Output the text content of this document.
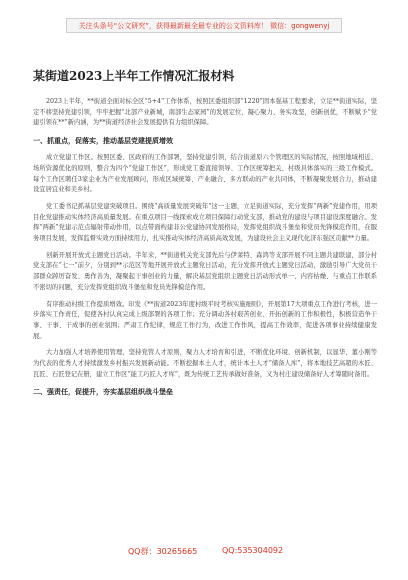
关注头条号“公文研究”，获得最新最全最专业的公文资料库！ 微信：gongwenyj
某街道2023上半年工作情况汇报材料

2023上半年，**街道全面对标全区“5+4”工作体系，按照区委组织部“1220”固本强基工程要求，立足**街道实际，坚定不移坚持党建引领，牢牢把握“北部产业新城，南部生态家园”的发展定位，凝心聚力、务实攻坚，创新创优，不断赋予“党建引领在**”新内涵，为**街道经济社会发展提供有力组织保障。

一、抓重点，促落实，推动基层党建提质增效

成立党建工作区。按照区委、区政府的工作部署，坚持党建引领，结合街道原六个管理区的实际情况，按照地域相近、场所资源优化的原则，整合为四个“党建工作区”，形成党工委直接领导、工作区统筹把关、村级具体落实的三级工作模式。每个工作区聘任3家企业为产业发展顾问，形成区域统筹、产业融合、多方联动的产业共同体，不断凝聚发展合力，推动建设宜居宜业和美乡村。

党工委书记抓基层党建突破项目。围绕“高质量发展突破年”这一主题，立足街道实际，充分发挥“两新”党建作用，用项目化党建推动实体经济高质量发展。在重点项目一线探索成立项目保障行动党支部，推动党的建设与项目建设深度融合。发挥“两新”党建示范点辐射带动作用，以点带面构建非公党建协同发展格局，发挥党组织战斗堡垒和党员先锋模范作用，在服务项目发展、发挥监督实效方面持续用力，扎实推动实体经济高质高效发展，为建设社会主义现代化济东强区贡献**力量。

创新开展开放式主题党日活动。半年来，**街道机关党支部先后与伊莱特、森鸿等支部开展不同主题共建联建，部分村党支部在“七一”前夕，分别到**示范区等地开展开放式主题党日活动，充分发挥开放式主题党日活动，激励引导广大党员干部群众踔厉奋发、勇作善为，凝聚起干事创业的力量，解决基层党组织主题党日活动形式单一、内容枯燥、与重点工作联系不密切的问题，充分发挥党组织战斗堡垒和党员先锋模范作用。

有序推动村级工作提质增效。印发《**街道2023年度村级平时考核实施细则》，开展第17大项重点工作进行考核，进一步落实工作责任，促使各村认真完成上级部署的各项工作；充分调动各村艰苦创业、开拓创新的工作积极性，积极营造争干事、干事、干成事的创业氛围；严肃工作纪律，规范工作行为，改进工作作风，提高工作效率，促进各项事业持续健康发展。

大力加强人才培养使用管理，坚持党管人才原则，聚力人才培育和引进，不断优化环境、创新机制，以显华、董小刚等为代表的优秀人才持续激发乡村振兴发展新动能。不断挖掘本土人才，统计本土人才“储备人库”，将本地技艺高超的木匠、瓦匠、石匠登记在册，建立工作区“能工巧匠人才库”，既为传统工艺传承做好准备，又为村庄建设储备好人才筹随时备用。

二、强责任，促提升，夯实基层组织战斗堡垒

QQ群：30265665	QQ:535304092
